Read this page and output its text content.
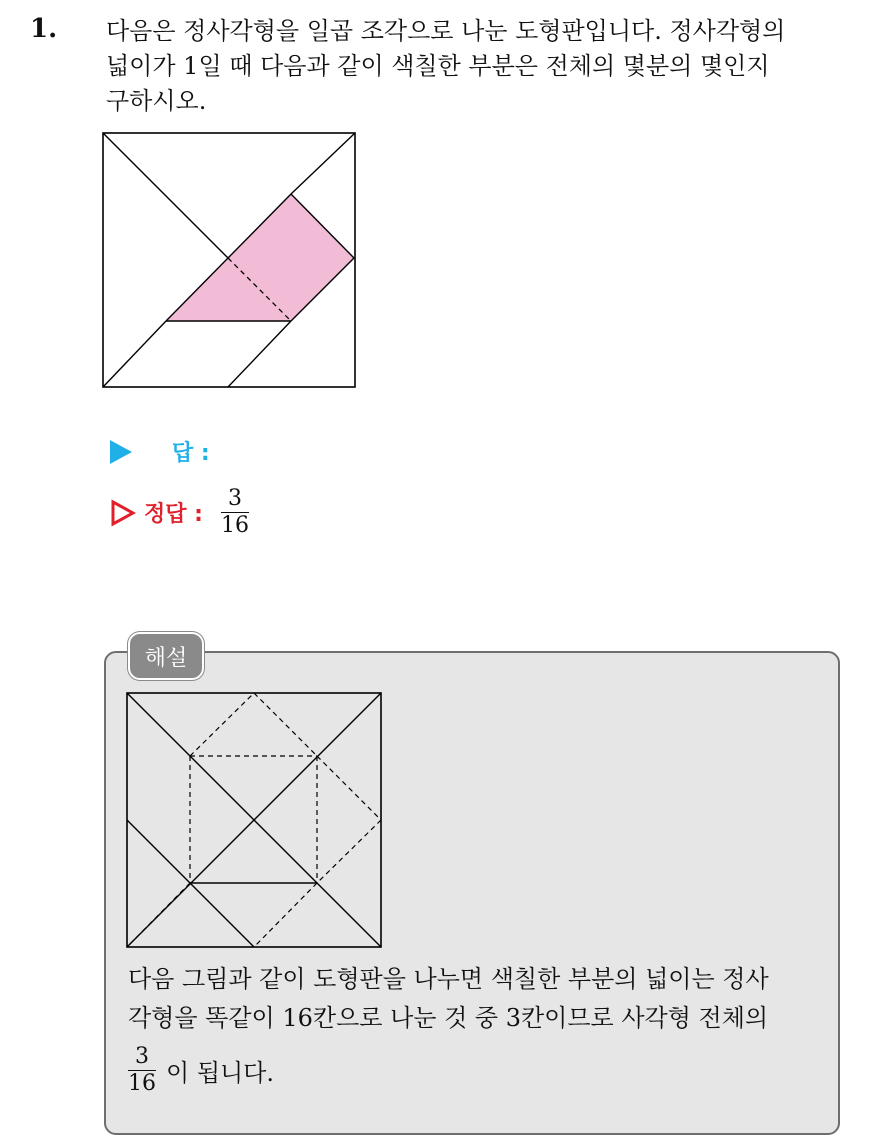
1. 다음은 정사각형을 일곱 조각으로 나눈 도형판입니다. 정사각형의
넓이가 1일 때 다음과 같이 색칠한 부분은 전체의 몇분의 몇인지
구하시오.
답 :
정답 : $\frac{3}{16}$
해설
다음 그림과 같이 도형판을 나누면 색칠한 부분의 넓이는 정사
각형을 똑같이 16칸으로 나눈 것 중 3칸이므로 사각형 전체의
$\frac{3}{16}$ 이 됩니다.
